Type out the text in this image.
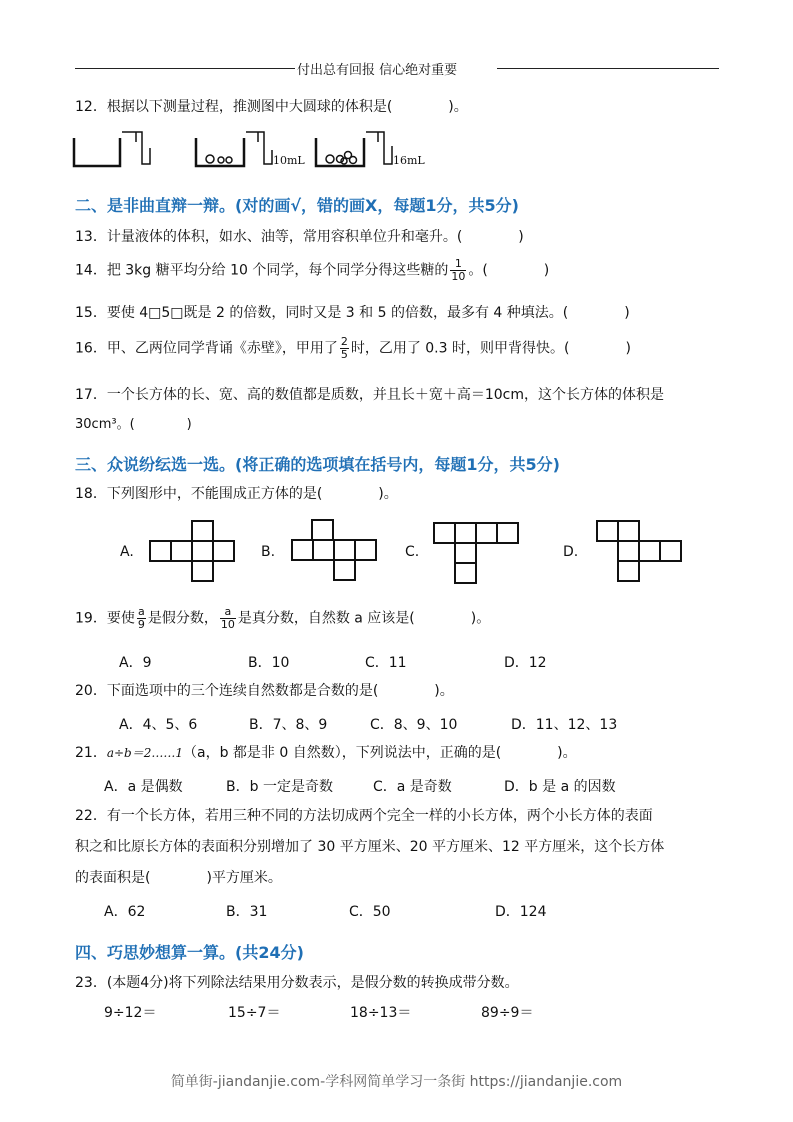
付出总有回报 信心绝对重要
12．根据以下测量过程，推测图中大圆球的体积是(　　　　)。
10mL	16mL
二、是非曲直辩一辩。(对的画√，错的画X，每题1分，共5分)
13．计量液体的体积，如水、油等，常用容积单位升和毫升。(　　　　)
14．把 3kg 糖平均分给 10 个同学，每个同学分得这些糖的 $\frac{1}{10}$ 。(　　　　)
15．要使 4□5□既是 2 的倍数，同时又是 3 和 5 的倍数，最多有 4 种填法。(　　　　)
16．甲、乙两位同学背诵《赤壁》，甲用了 $\frac{2}{5}$ 时，乙用了 0.3 时，则甲背得快。(　　　　)
17．一个长方体的长、宽、高的数值都是质数，并且长＋宽＋高＝10cm，这个长方体的体积是
30cm³。(　　　　)
三、众说纷纭选一选。(将正确的选项填在括号内，每题1分，共5分)
18．下列图形中，不能围成正方体的是(　　　　)。
A.	B.	C.	D.
19．要使 $\frac{a}{9}$ 是假分数， $\frac{a}{10}$ 是真分数，自然数 a 应该是(　　　　)。
A．9	B．10	C．11	D．12
20．下面选项中的三个连续自然数都是合数的是(　　　　)。
A．4、5、6	B．7、8、9	C．8、9、10	D．11、12、13
21．a÷b＝2……1（a，b 都是非 0 自然数），下列说法中，正确的是(　　　　)。
A．a 是偶数	B．b 一定是奇数	C．a 是奇数	D．b 是 a 的因数
22．有一个长方体，若用三种不同的方法切成两个完全一样的小长方体，两个小长方体的表面
积之和比原长方体的表面积分别增加了 30 平方厘米、20 平方厘米、12 平方厘米，这个长方体
的表面积是(　　　　)平方厘米。
A．62	B．31	C．50	D．124
四、巧思妙想算一算。(共24分)
23．(本题4分)将下列除法结果用分数表示，是假分数的转换成带分数。
9÷12＝	15÷7＝	18÷13＝	89÷9＝
简单街-jiandanjie.com-学科网简单学习一条街 https://jiandanjie.com
